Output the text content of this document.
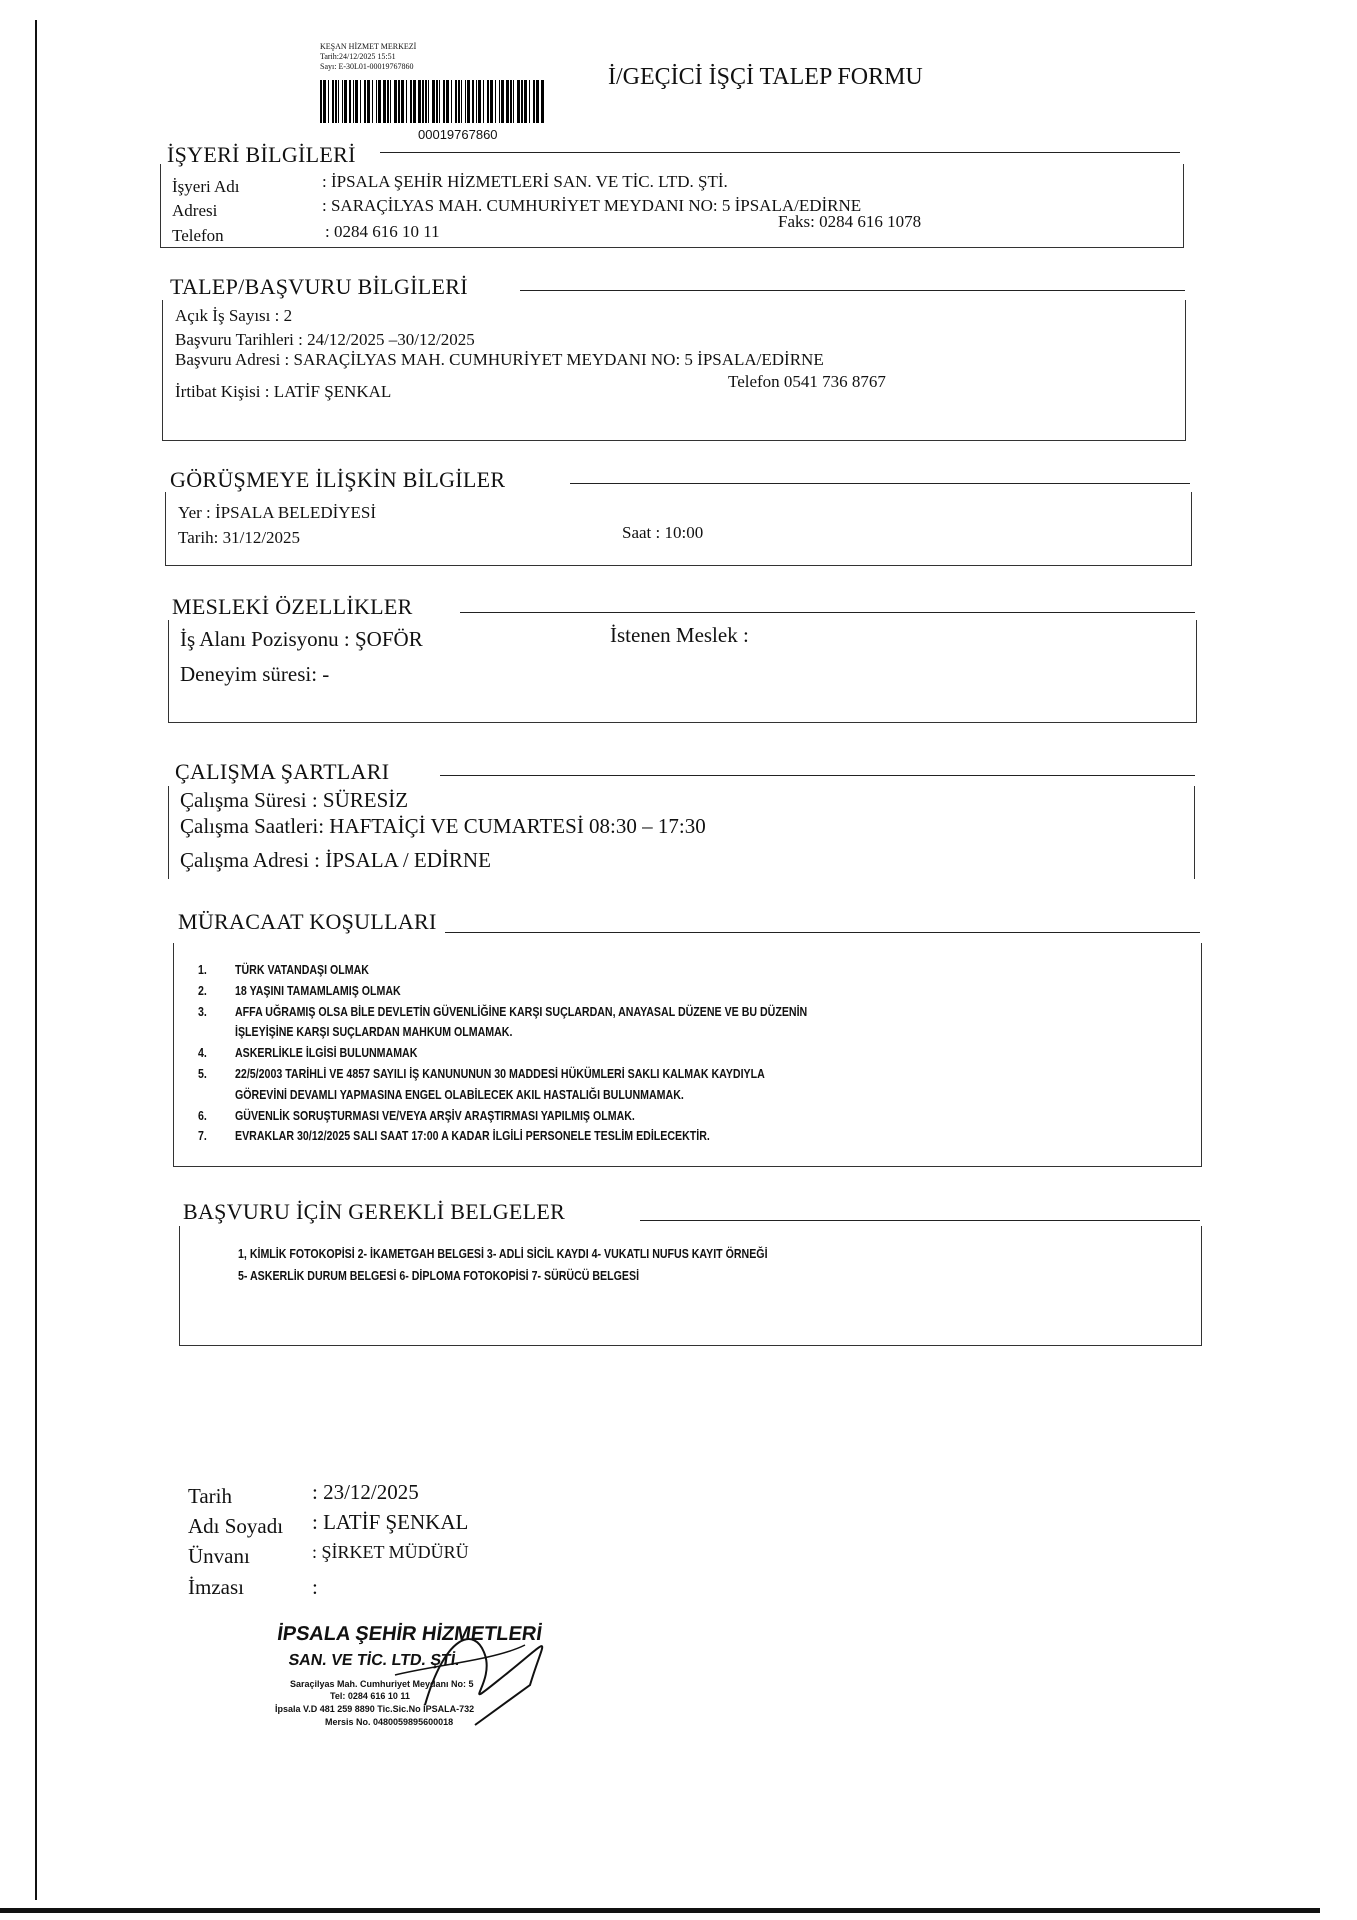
KEŞAN HİZMET MERKEZİ
Tarih:24/12/2025 15:51
Sayı: E-30L01-00019767860
00019767860
İ/GEÇİCİ İŞÇİ TALEP FORMU
İŞYERİ BİLGİLERİ
İşyeri Adı	: İPSALA ŞEHİR HİZMETLERİ SAN. VE TİC. LTD. ŞTİ.
Adresi	: SARAÇİLYAS MAH. CUMHURİYET MEYDANI NO: 5 İPSALA/EDİRNE
Telefon	: 0284 616 10 11
Faks: 0284 616 1078
TALEP/BAŞVURU BİLGİLERİ
Açık İş Sayısı : 2
Başvuru Tarihleri : 24/12/2025 –30/12/2025
Başvuru Adresi : SARAÇİLYAS MAH. CUMHURİYET MEYDANI NO: 5 İPSALA/EDİRNE
İrtibat Kişisi : LATİF ŞENKAL
Telefon 0541 736 8767
GÖRÜŞMEYE İLİŞKİN BİLGİLER
Yer : İPSALA BELEDİYESİ
Tarih: 31/12/2025	Saat : 10:00
MESLEKİ ÖZELLİKLER
İş Alanı Pozisyonu : ŞOFÖR	İstenen Meslek :
Deneyim süresi: -
ÇALIŞMA ŞARTLARI
Çalışma Süresi : SÜRESİZ
Çalışma Saatleri: HAFTAİÇİ VE CUMARTESİ 08:30 – 17:30
Çalışma Adresi : İPSALA / EDİRNE
MÜRACAAT KOŞULLARI
1. TÜRK VATANDAŞI OLMAK
2. 18 YAŞINI TAMAMLAMIŞ OLMAK
3. AFFA UĞRAMIŞ OLSA BİLE DEVLETİN GÜVENLİĞİNE KARŞI SUÇLARDAN, ANAYASAL DÜZENE VE BU DÜZENİN
İŞLEYİŞİNE KARŞI SUÇLARDAN MAHKUM OLMAMAK.
4. ASKERLİKLE İLGİSİ BULUNMAMAK
5. 22/5/2003 TARİHLİ VE 4857 SAYILI İŞ KANUNUNUN 30 MADDESİ HÜKÜMLERİ SAKLI KALMAK KAYDIYLA
GÖREVİNİ DEVAMLI YAPMASINA ENGEL OLABİLECEK AKIL HASTALIĞI BULUNMAMAK.
6. GÜVENLİK SORUŞTURMASI VE/VEYA ARŞİV ARAŞTIRMASI YAPILMIŞ OLMAK.
7. EVRAKLAR 30/12/2025 SALI SAAT 17:00 A KADAR İLGİLİ PERSONELE TESLİM EDİLECEKTİR.
BAŞVURU İÇİN GEREKLİ BELGELER
1, KİMLİK FOTOKOPİSİ 2- İKAMETGAH BELGESİ 3- ADLİ SİCİL KAYDI 4- VUKATLI NUFUS KAYIT ÖRNEĞİ
5- ASKERLİK DURUM BELGESİ 6- DİPLOMA FOTOKOPİSİ 7- SÜRÜCÜ BELGESİ
Tarih	: 23/12/2025
Adı Soyadı : LATİF ŞENKAL
Ünvanı	: ŞİRKET MÜDÜRÜ
İmzası	:
İPSALA ŞEHİR HİZMETLERİ
SAN. VE TİC. LTD. ŞTİ.
Saraçilyas Mah. Cumhuriyet Meydanı No: 5
Tel: 0284 616 10 11
İpsala V.D 481 259 8890 Tic.Sic.No İPSALA-732
Mersis No. 0480059895600018
